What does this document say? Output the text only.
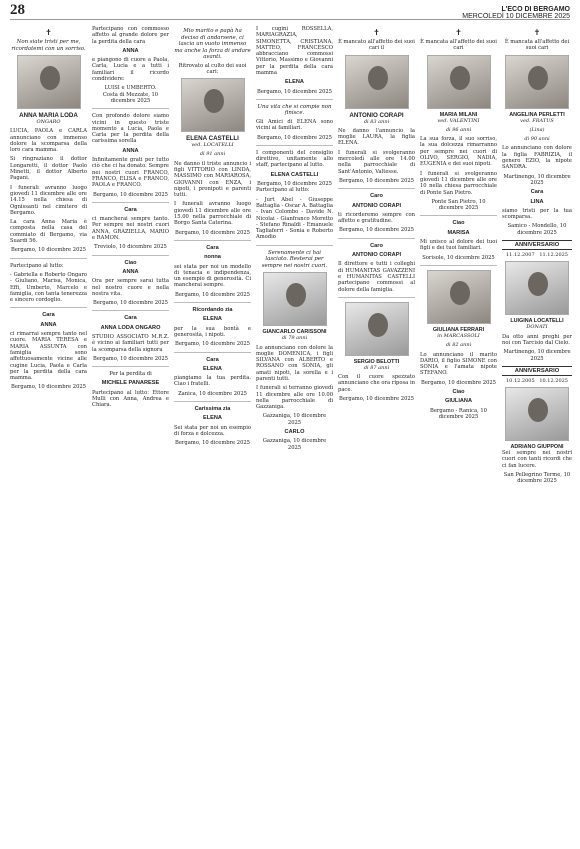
28	L'ECO DI BERGAMO
MERCOLEDÌ 10 DICEMBRE 2025
✝
Non siate tristi per me, ricordatemi con un sorriso.
ANNA MARIA LODA
ONGARO

LUCIA, PAOLA e CARLA annunciano con immenso dolore la scomparsa della loro cara mamma.

Si ringraziano il dottor Longaretti, il dottor Paolo Minetti, il dottor Alberto Pagani.

I funerali avranno luogo giovedì 11 dicembre alle ore 14.15 nella chiesa di Ognissanti nel cimitero di Bergamo.

La cara Anna Maria è composta nella casa del commiato di Bergamo, via Suardi 56.

Bergamo, 10 dicembre 2025

Partecipano al lutto:

- Gabriella e Roberto Ongaro - Giuliano, Marisa, Monica, Effi, Umberto, Marcelo e famiglia, con tanta tenerezza e sincero cordoglio.

Cara
ANNA

ci rimarrai sempre tanto nel cuore. MARIA TERESA e MARIA ASSUNTA con famiglia sono affettuosamente vicine alle cugine Lucia, Paola e Carla per la perdita della cara mamma.

Bergamo, 10 dicembre 2025

Partecipano con commosso affetto al grande dolore per la perdita della cara

ANNA

e piangono di cuore a Paola, Carla, Lucia e a tutti i familiari il ricordo condividere:

LUISI e UMBERTO.
Costa di Mezzate, 10 dicembre 2025

Con profondo dolore siamo vicini in questo triste momento a Lucia, Paola e Carla per la perdita della carissima sorella

ANNA

Infinitamente grati per tutto ciò che ci ha donato. Sempre nei nostri cuori FRANCO, FRANCO, ELISA e FRANCO, PAOLA e FRANCO.

Bergamo, 10 dicembre 2025
Cara

ci mancherai sempre tanto. Per sempre nei nostri cuori ANNA, GRAZIELLA, MARIO e RAMON.

Treviolo, 10 dicembre 2025
Ciao
ANNA

Ora per sempre sarai tutta nel nostro cuore e nella nostra vita.

Bergamo, 10 dicembre 2025
Cara
ANNA LODA ONGARO

STUDIO ASSOCIATO M.R.Z. è vicino ai familiari tutti per la scomparsa della signora

Bergamo, 10 dicembre 2025
Per la perdita di
MICHELE PANARESE

Partecipano al lutto: Ettore Mulli con Anna, Andrea e Chiara.

Mio marito e papà ha deciso di andarsene, ci lascia un vuoto immenso ma anche la forza di andare avanti.
Ritrovato al culto dei suoi cari:
ELENA CASTELLI
ved. LOCATELLI
di 91 anni

Ne danno il triste annuncio i figli VITTORIO con LINDA, MASSIMO con MARIAROSA, GIOVANNI con ENZA, i nipoti, i pronipoti e parenti tutti.

I funerali avranno luogo giovedì 11 dicembre alle ore 15.00 nella parrocchiale di Borgo Santa Caterina.

Bergamo, 10 dicembre 2025
Cara
nonna

sei stata per noi un modello di tenacia e indipendenza, un esempio di generosità. Ci mancherai sempre.

Bergamo, 10 dicembre 2025
Ricordando zia
ELENA

per la sua bontà e generosità, i nipoti.

Bergamo, 10 dicembre 2025
Cara
ELENA

piangiamo la tua perdita. Ciao i fratelli.

Zanica, 10 dicembre 2025
Carissima zia
ELENA

Sei stata per noi un esempio di forza e dolcezza.

Bergamo, 10 dicembre 2025

I cugini ROSSELLA, MARIAGRAZIA, SIMONETTA, CRISTIANA, MATTEO, FRANCESCO abbracciano commossi Vittorio, Massimo e Giovanni per la perdita della cara mamma

ELENA
Bergamo, 10 dicembre 2025
Una vita che si compie non finisce.

Gli Amici di ELENA sono vicini ai familiari.

Bergamo, 10 dicembre 2025

I componenti del consiglio direttivo, unitamente allo staff, partecipano al lutto.

ELENA CASTELLI
Bergamo, 10 dicembre 2025

Partecipano al lutto:

- Jurt Abel - Giuseppe Battaglia - Oscar A. Battaglia - Ivan Colombo - Davide N. Nicolai - Gianfranco Moretto - Stefano Rinaldi - Emanuele Tagliaferri - Sonia e Roberto Amodio

Serenamente ci hai lasciato. Resterai per sempre nei nostri cuori.
GIANCARLO CARISSONI
di 79 anni

Lo annunciano con dolore la moglie DOMENICA, i figli SILVANA con ALBERTO e ROSSANO con SONIA, gli amati nipoti, la sorella e i parenti tutti.

I funerali si terranno giovedì 11 dicembre alle ore 10.00 nella parrocchiale di Gazzaniga.

Gazzaniga, 10 dicembre 2025
CARLO
Gazzaniga, 10 dicembre 2025
✝
È mancato all'affetto dei suoi cari il
ANTONIO CORAPI
di 83 anni

Ne danno l'annuncio la moglie LAURA, la figlia ELENA.

I funerali si svolgeranno mercoledì alle ore 14.00 nella parrocchiale di Sant'Antonio, Valtesse.

Bergamo, 10 dicembre 2025
Caro
ANTONIO CORAPI

ti ricorderemo sempre con affetto e gratitudine.

Bergamo, 10 dicembre 2025
Caro
ANTONIO CORAPI

Il direttore e tutti i colleghi di HUMANITAS GAVAZZENI e HUMANITAS CASTELLI partecipano commossi al dolore della famiglia.

SERGIO BELOTTI
di 87 anni

Con il cuore spezzato annunciano che ora riposa in pace.

Bergamo, 10 dicembre 2025
✝
È mancata all'affetto dei suoi cari
MARIA MILANI
ved. VALENTINI
di 96 anni

La sua forza, il suo sorriso, la sua dolcezza rimarranno per sempre nei cuori di OLIVO, SERGIO, NADIA, EUGENIA e dei suoi nipoti.

I funerali si svolgeranno giovedì 11 dicembre alle ore 10 nella chiesa parrocchiale di Ponte San Pietro.

Ponte San Pietro, 10 dicembre 2025
Ciao
MARISA

Mi unisco al dolore dei tuoi figli e dei tuoi familiari.

Sorisole, 10 dicembre 2025
GIULIANA FERRARI
in MARCASSOLI
di 82 anni

Lo annunciano il marito DARIO, il figlio SIMONE con SONIA e l'amata nipote STEFANO.

Bergamo, 10 dicembre 2025
Ciao
GIULIANA
Bergamo - Ranica, 10 dicembre 2025
✝
È mancata all'affetto dei suoi cari
ANGELINA PERLETTI
ved. FRATUS
(Lina)
di 90 anni

Lo annunciano con dolore la figlia FABRIZIA, il genero EZIO, la nipote SANDRA.

Martinengo, 10 dicembre 2025
Cara
LINA

siamo tristi per la tua scomparsa.

Samico - Mondello, 10 dicembre 2025
ANNIVERSARIO
11.12.2007 11.12.2025
LUIGINA LOCATELLI
DONATI

Da otto anni preghi per noi con Tarcisio dal Cielo.

Martinengo, 10 dicembre 2025
ANNIVERSARIO
10.12.2005 10.12.2025
ADRIANO GIUPPONI

Sei sempre nei nostri cuori con tanti ricordi che ci fan lucere.

San Pellegrino Terme, 10 dicembre 2025
